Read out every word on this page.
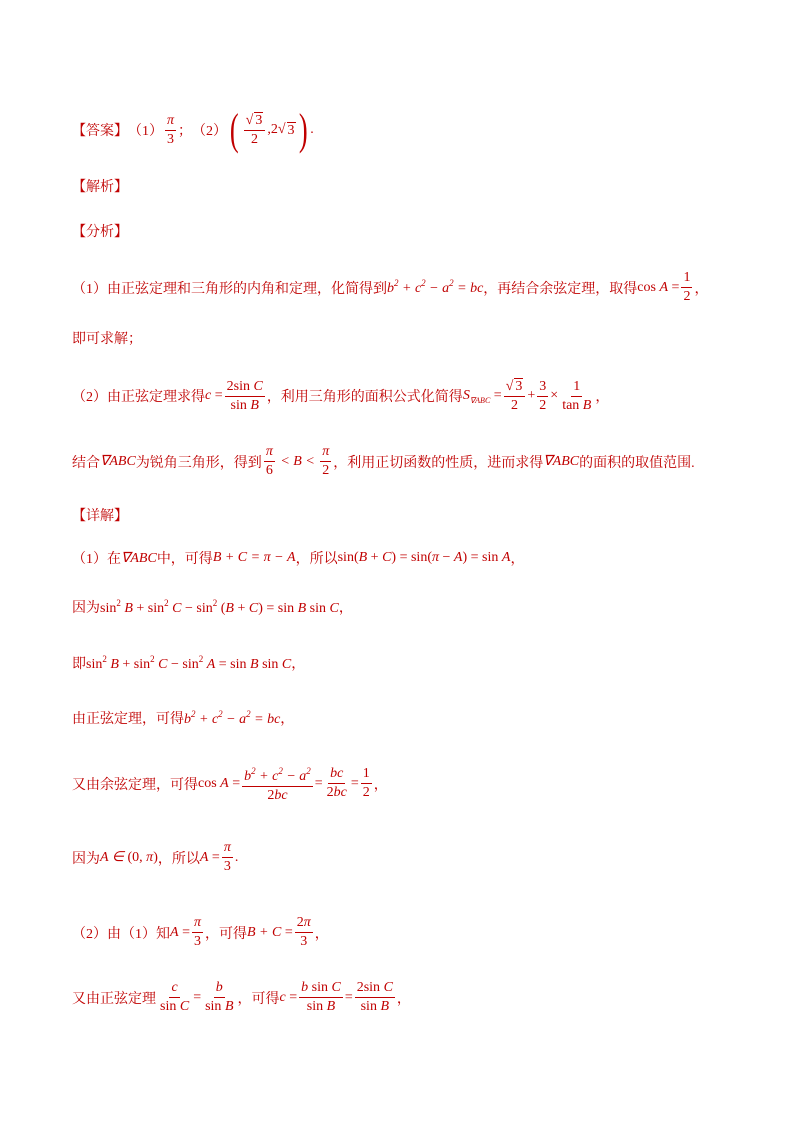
【答案】 $(1) \frac{\pi}{3}$ ； （2） ( $\frac{√ 3}{2} ,2$ √ 3 ) .
【解析】
【分析】
（1）由正弦定理和三角形的内角和定理，化简得到 $b^2 + c^2 - a^2$ = bc ，再结合余弦定理，取得 $\cos A = \frac{1}{2}$ ，
即可求解；
（2）由正弦定理求得 $c = \frac{\text{2sin C}}{\text{sin B}}$ ，利用三角形的面积公式化简得 $S_{\nabla ABC} = \frac{√ 3}{2} + \frac{3}{2} \times \frac{1}{\text{tan B}}$ ，
结合 ∇ABC 为锐角三角形，得到 $\frac{\pi}{6} < B < \frac{\pi}{2}$ ，利用正切函数的性质，进而求得 ∇ABC 的面积的取值范围.
【详解】
（1）在 ∇ABC 中，可得 B + C = π − A ，所以 sin(B + C) = sin(π − A) = sin A ，
因为 $\sin^2 B + \sin^2 C - \sin^2 (B + C) = \sin B$ sin C ，
即 $\sin^2 B + \sin^2 C - \sin^2 A = \sin B$ sin C ，
由正弦定理，可得 $b^2 + c^2 - a^2$ = bc ，
又由余弦定理，可得 $\cos A = \frac{b^2 + c^2 - a^2}{2bc} = \frac{bc}{2bc} = \frac{1}{2}$ ，
因为 A ∈ (0, π) ，所以 $A = \frac{\pi}{3}$ .
（2）由（1）知 $A = \frac{\pi}{3}$ ，可得 $B + C = \frac{2\pi}{3}$ ，
又由正弦定理 $\frac{c}{\text{sin C}} = \frac{b}{\text{sin B}}$ ，可得 $c = \frac{\text{b sin C}}{\text{sin B}} = \frac{\text{2sin C}}{\text{sin B}}$ ，
